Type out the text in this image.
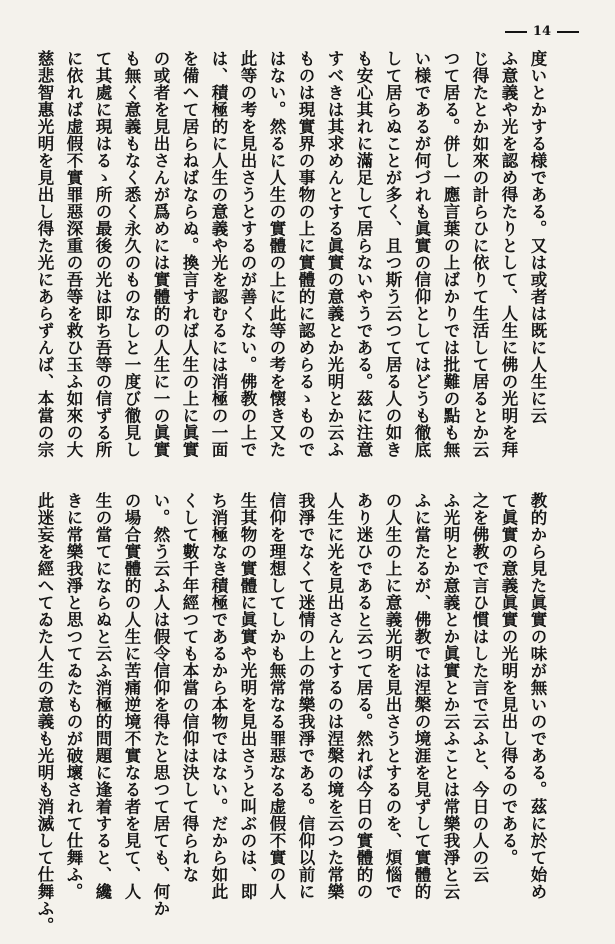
14
度いとかする様である。又は或者は既に人生に云
ふ意義や光を認め得たりとして、人生に佛の光明を拜
じ得たとか如來の計らひに依りて生活して居るとか云
つて居る。併し一應言葉の上ばかりでは批難の點も無
い様であるが何づれも眞實の信仰としてはどうも徹底
して居らぬことが多く、且つ斯う云つて居る人の如き
も安心其れに滿足して居らないやうである。茲に注意
すべきは其求めんとする眞實の意義とか光明とか云ふ
ものは現實界の事物の上に實體的に認めらるゝもので
はない。然るに人生の實體の上に此等の考を懐き又た
此等の考を見出さうとするのが善くない。佛教の上で
は、積極的に人生の意義や光を認むるには消極の一面
を備へて居らねばならぬ。換言すれば人生の上に眞實
の或者を見出さんが爲めには實體的の人生に一の眞實
も無く意義もなく悉く永久のものなしと一度び徹見し
て其處に現はるゝ所の最後の光は即ち吾等の信ずる所
に依れば虚假不實罪惡深重の吾等を救ひ玉ふ如來の大
慈悲智惠光明を見出し得た光にあらずんば、本當の宗
教的から見た眞實の味が無いのである。茲に於て始め
て眞實の意義眞實の光明を見出し得るのである。
之を佛教で言ひ慣はした言で云ふと、今日の人の云
ふ光明とか意義とか眞實とか云ふことは常樂我淨と云
ふに當たるが、佛教では涅槃の境涯を見ずして實體的
の人生の上に意義光明を見出さうとするのを、煩惱で
あり迷ひであると云つて居る。然れば今日の實體的の
人生に光を見出さんとするのは涅槃の境を云つた常樂
我淨でなくて迷情の上の常樂我淨である。信仰以前に
信仰を理想してしかも無常なる罪惡なる虚假不實の人
生其物の實體に眞實や光明を見出さうと叫ぶのは、即
ち消極なき積極であるから本物ではない。だから如此
くして數千年經つても本當の信仰は決して得られな
い。然う云ふ人は假令信仰を得たと思つて居ても、何か
の場合實體的の人生に苦痛逆境不實なる者を見て、人
生の當てにならぬと云ふ消極的問題に逢着すると、纔
きに常樂我淨と思つてゐたものが破壞されて仕舞ふ。
此迷妄を經へてゐた人生の意義も光明も消滅して仕舞ふ。
